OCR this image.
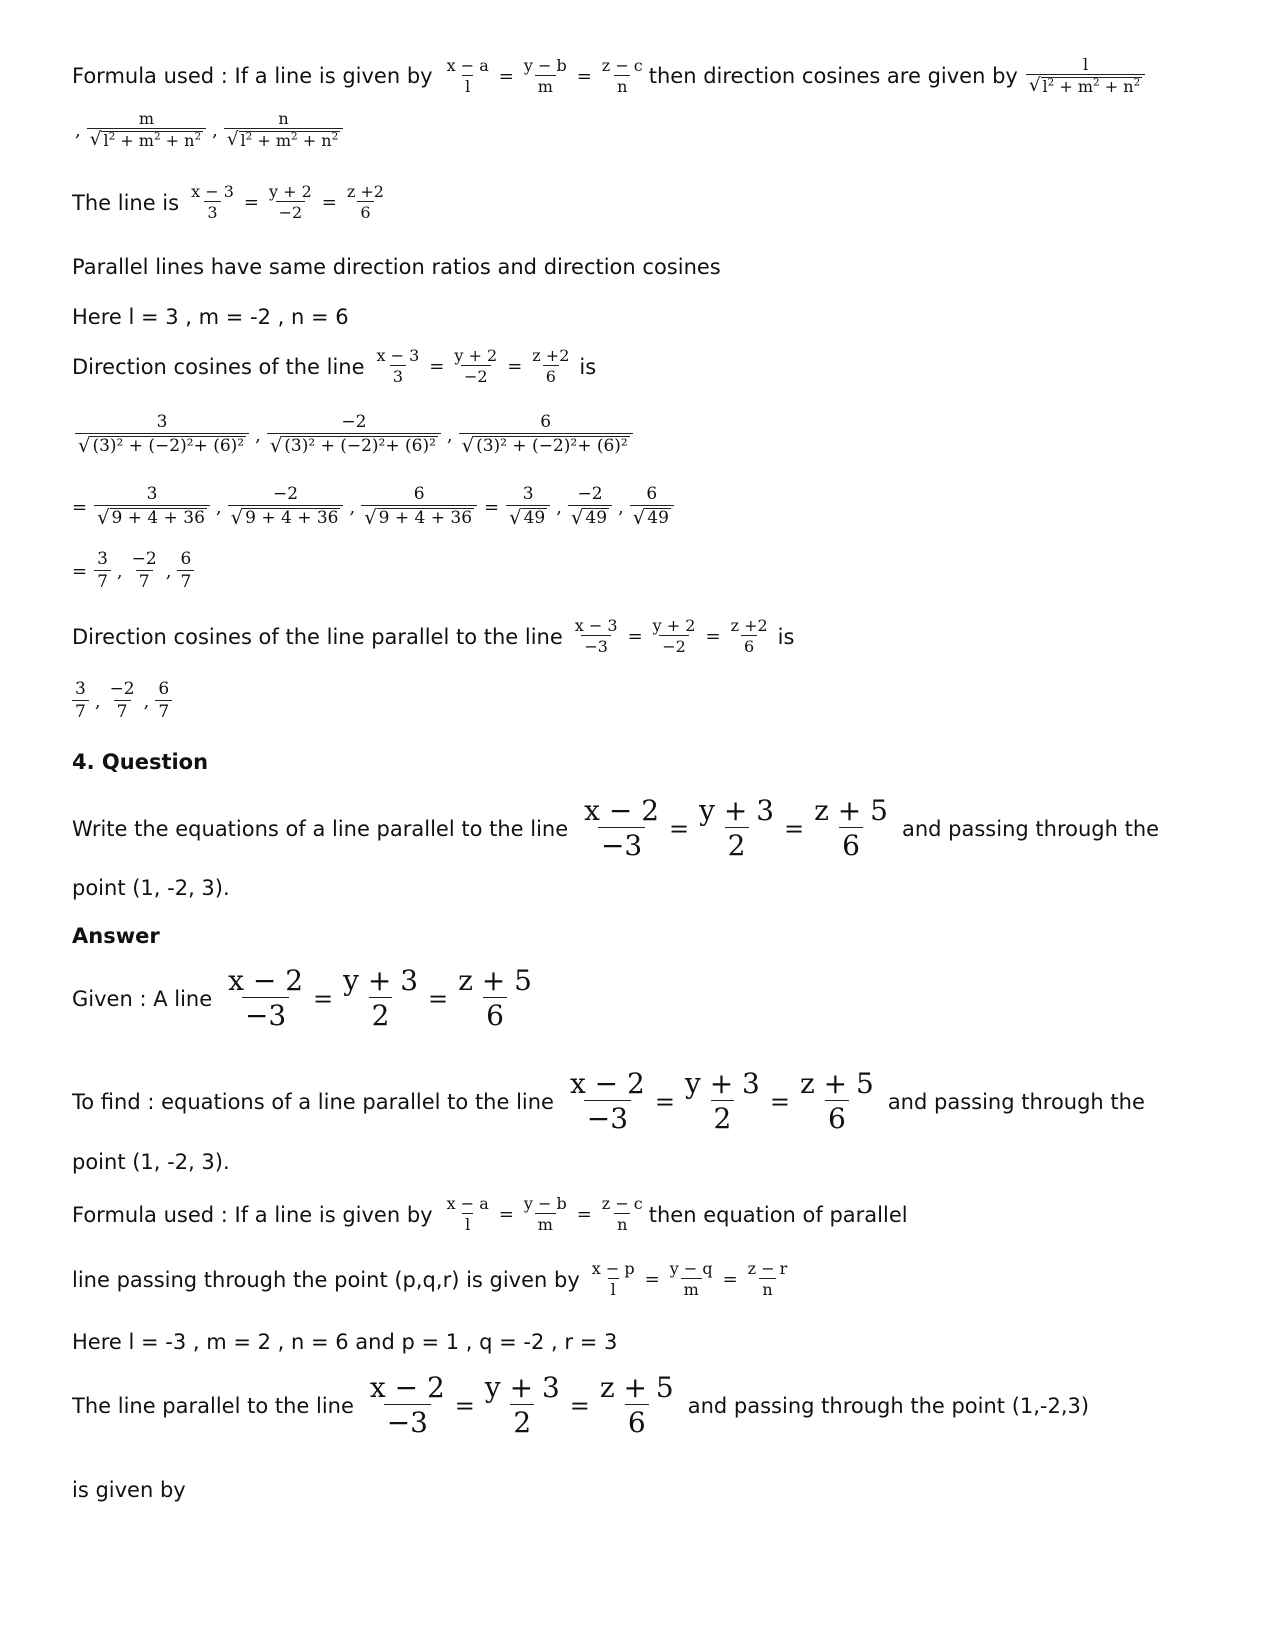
Formula used : If a line is given by $\frac{x - a}{l} = \frac{y - b}{m} = \frac{z - c}{n}$ then direction cosines are given by	l
√ $l^2 + m^2 + n^2$
,
m
√ $l^2 + m^2 + n^2$ ,
n
√ $l^2 + m^2 + n^2$
The line is $\frac{x - 3}{3} = \frac{y + 2}{-2} = \frac{z +2}{6}$
Parallel lines have same direction ratios and direction cosines
Here l = 3 , m = -2 , n = 6
Direction cosines of the line $\frac{x - 3}{3} = \frac{y + 2}{-2} = \frac{z +2}{6}$ is
3
√ (3)² + (−2)²+ (6)² ,
−2
√ (3)² + (−2)²+ (6)² ,
6
√ (3)² + (−2)²+ (6)²
= $\frac{3}{√ 9 + 4 + 36}$ ,
−2
√ 9 + 4 + 36 , $\frac{6}{√ 9 + 4 + 36} = \frac{3}{√ 49}$ ,
−2
√ 49 ,
6
√ 49
= $\frac{3}{7}$ ,
−2
7 ,
6
7
Direction cosines of the line parallel to the line $\frac{x - 3}{-3} = \frac{y + 2}{-2} = \frac{z +2}{6}$ is
3
7 ,
−2
7 ,
6
7
4. Question
Write the equations of a line parallel to the line $\frac{x - 2}{-3} = \frac{y + 3}{2} = \frac{z + 5}{6}$ and passing through the
point (1, -2, 3).
Answer
Given : A line $\frac{x - 2}{-3} = \frac{y + 3}{2} = \frac{z + 5}{6}$
To find : equations of a line parallel to the line $\frac{x - 2}{-3} = \frac{y + 3}{2} = \frac{z + 5}{6}$ and passing through the
point (1, -2, 3).
Formula used : If a line is given by $\frac{x - a}{l} = \frac{y - b}{m} = \frac{z - c}{n}$ then equation of parallel
line passing through the point (p,q,r) is given by $\frac{x - p}{l} = \frac{y - q}{m} = \frac{z - r}{n}$
Here l = -3 , m = 2 , n = 6 and p = 1 , q = -2 , r = 3
The line parallel to the line $\frac{x - 2}{-3} = \frac{y + 3}{2} = \frac{z + 5}{6}$ and passing through the point (1,-2,3)
is given by
